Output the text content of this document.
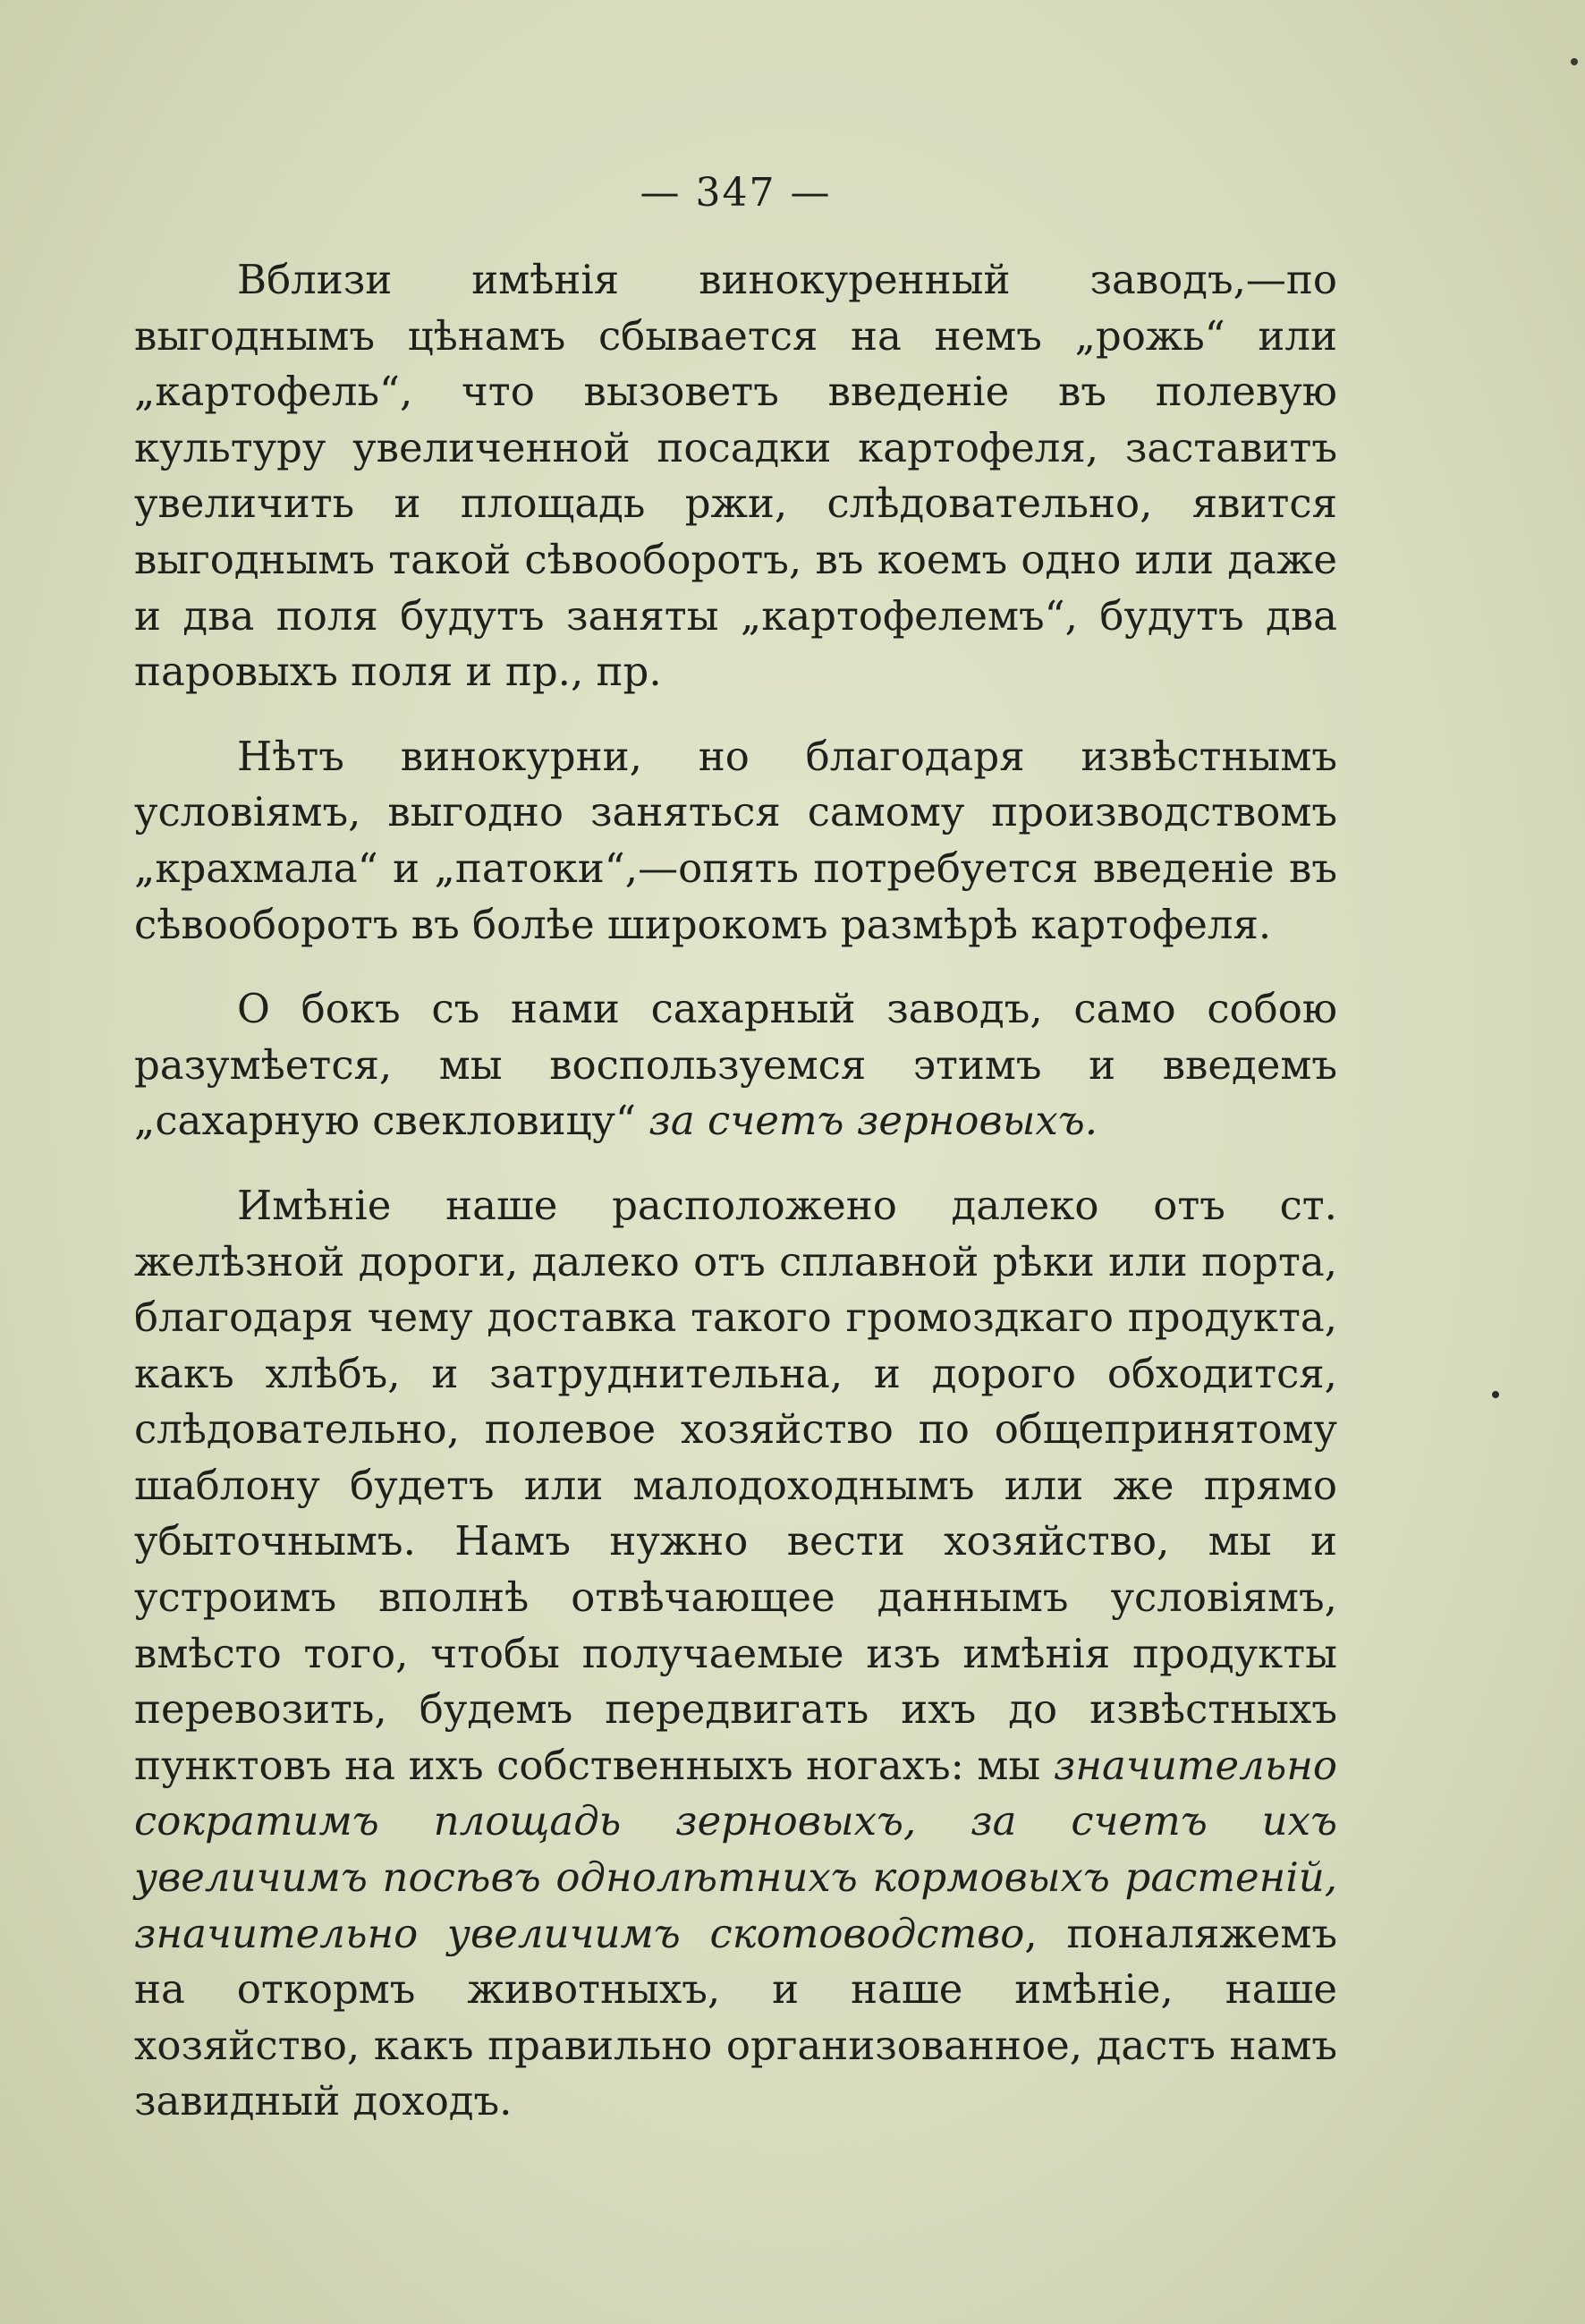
— 347 —

Вблизи имѣнія винокуренный заводъ,—по выгоднымъ цѣнамъ сбывается на немъ „рожь“ или „картофель“, что вызоветъ введеніе въ полевую культуру увеличенной посадки картофеля, заставитъ увеличить и площадь ржи, слѣдовательно, явится выгоднымъ такой сѣвооборотъ, въ коемъ одно или даже и два поля будутъ заняты „картофелемъ“, будутъ два паровыхъ поля и пр., пр.

Нѣтъ винокурни, но благодаря извѣстнымъ условіямъ, выгодно заняться самому производствомъ „крахмала“ и „патоки“,—опять потребуется введеніе въ сѣвооборотъ въ болѣе широкомъ размѣрѣ картофеля.

О бокъ съ нами сахарный заводъ, само собою разумѣется, мы воспользуемся этимъ и введемъ „сахарную свекловицу“ за счетъ зерновыхъ.

Имѣніе наше расположено далеко отъ ст. желѣзной дороги, далеко отъ сплавной рѣки или порта, благодаря чему доставка такого громоздкаго продукта, какъ хлѣбъ, и затруднительна, и дорого обходится, слѣдовательно, полевое хозяйство по общепринятому шаблону будетъ или малодоходнымъ или же прямо убыточнымъ. Намъ нужно вести хозяйство, мы и устроимъ вполнѣ отвѣчающее даннымъ условіямъ, вмѣсто того, чтобы получаемые изъ имѣнія продукты перевозить, будемъ передвигать ихъ до извѣстныхъ пунктовъ на ихъ собственныхъ ногахъ: мы значительно сократимъ площадь зерновыхъ, за счетъ ихъ увеличимъ посѣвъ однолѣтнихъ кормовыхъ растеній, значительно увеличимъ скотоводство, поналяжемъ на откормъ животныхъ, и наше имѣніе, наше хозяйство, какъ правильно организованное, дастъ намъ завидный доходъ.
